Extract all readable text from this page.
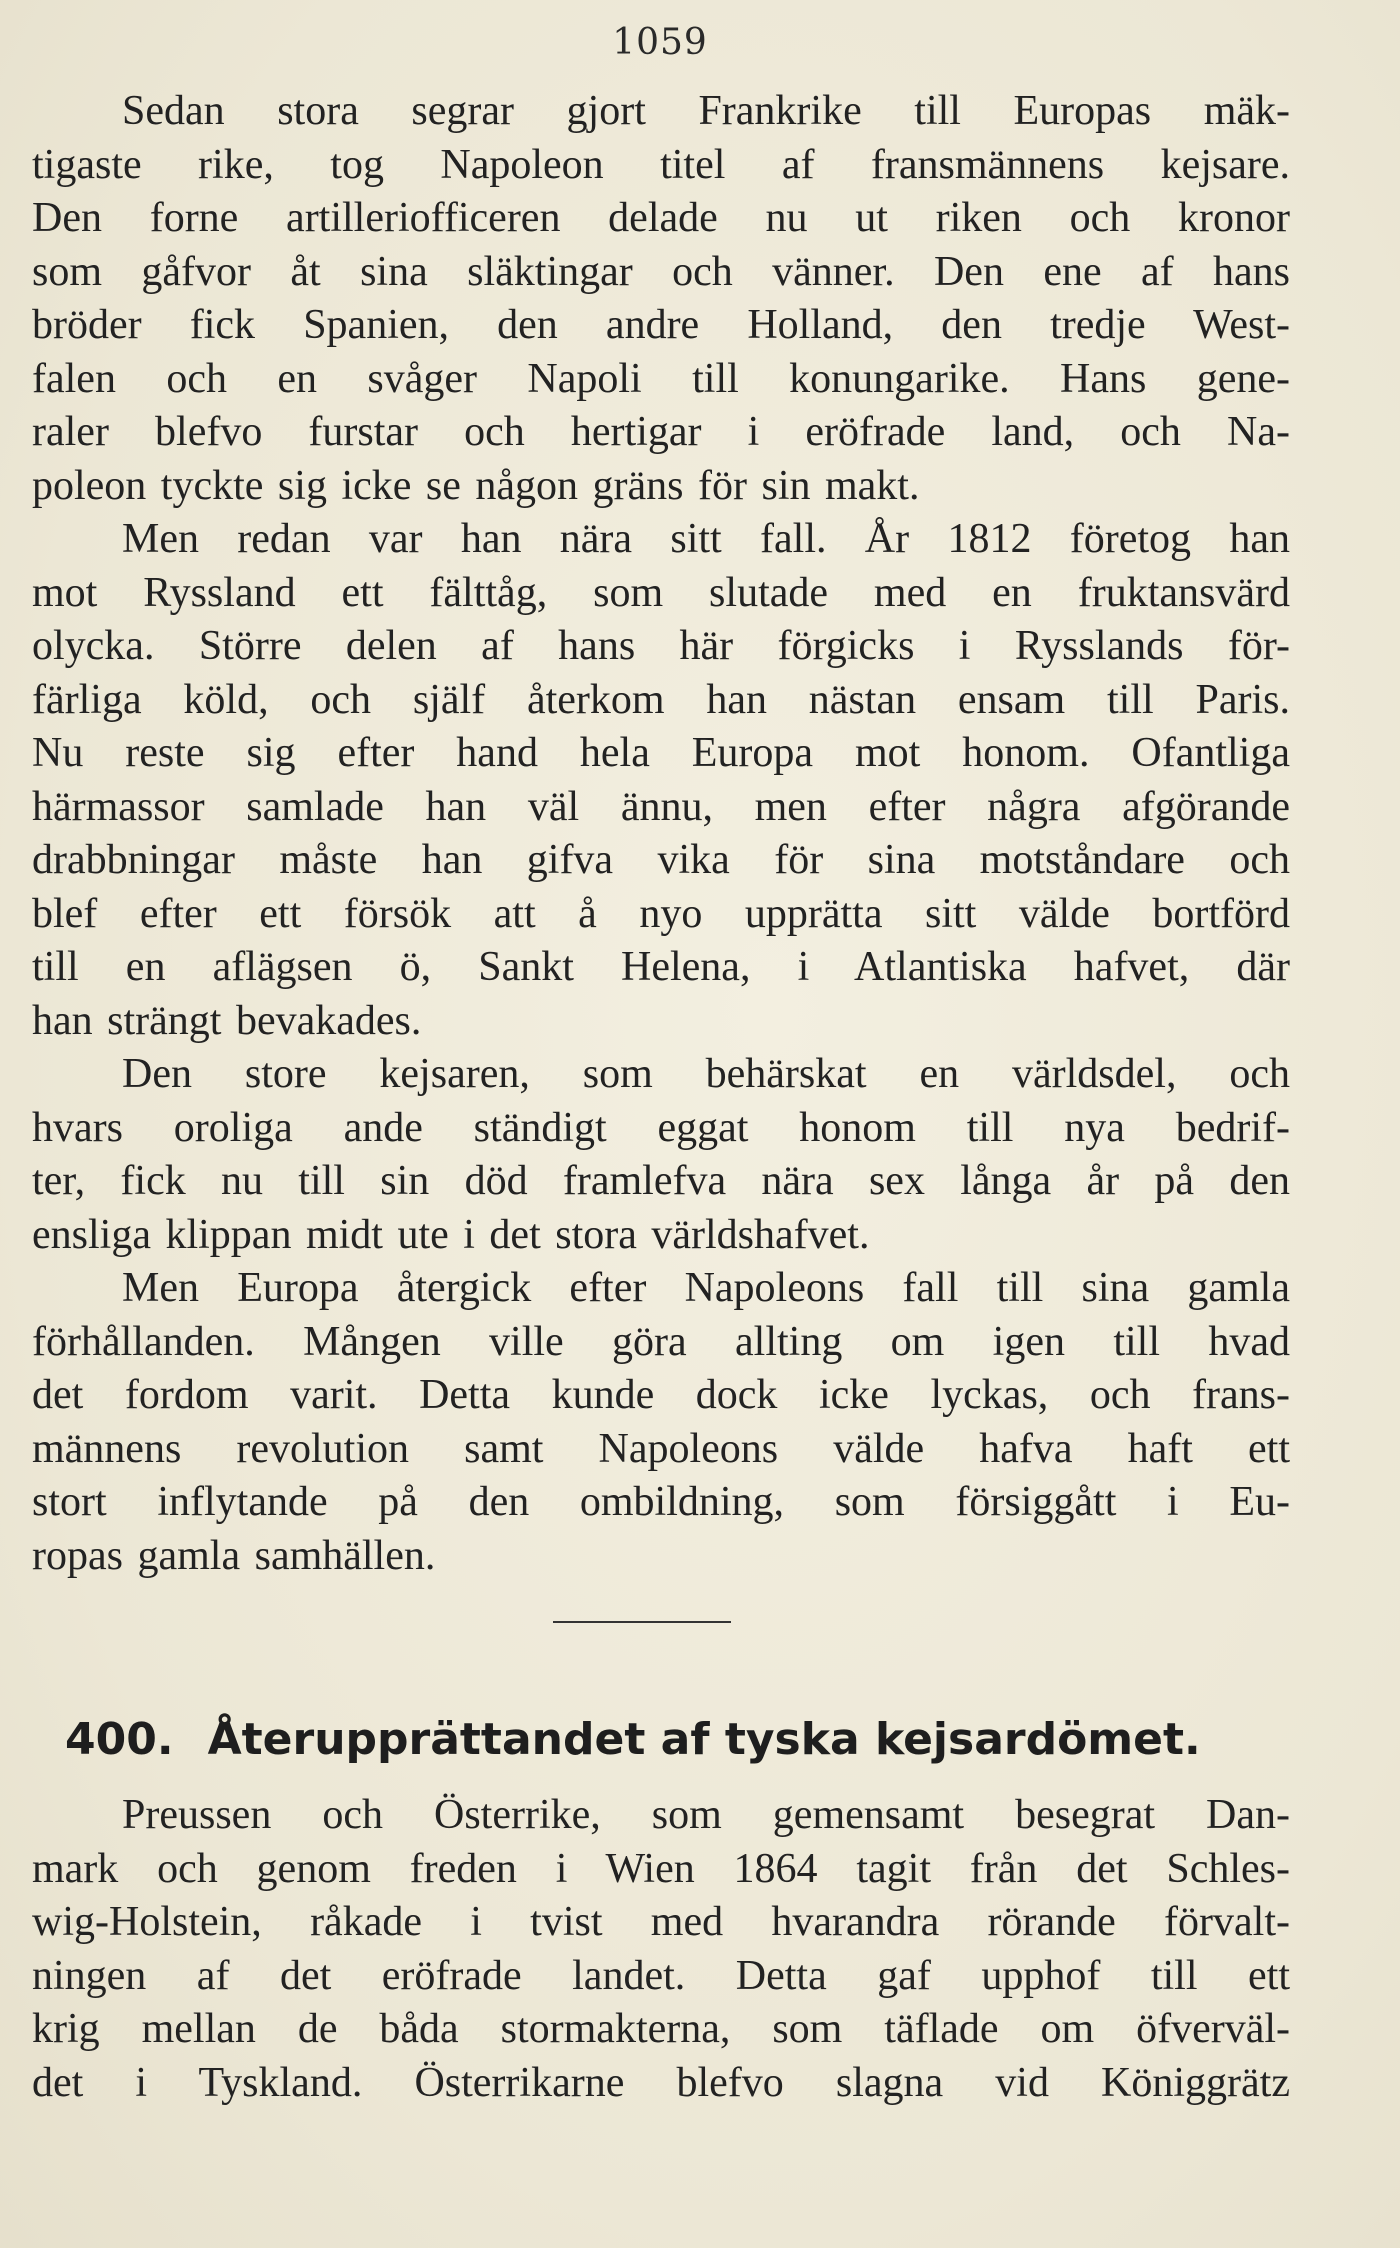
1059
Sedan stora segrar gjort Frankrike till Europas mäk-
tigaste rike, tog Napoleon titel af fransmännens kejsare.
Den forne artilleriofficeren delade nu ut riken och kronor
som gåfvor åt sina släktingar och vänner. Den ene af hans
bröder fick Spanien, den andre Holland, den tredje West-
falen och en svåger Napoli till konungarike. Hans gene-
raler blefvo furstar och hertigar i eröfrade land, och Na-
poleon tyckte sig icke se någon gräns för sin makt.
Men redan var han nära sitt fall. År 1812 företog han
mot Ryssland ett fälttåg, som slutade med en fruktansvärd
olycka. Större delen af hans här förgicks i Rysslands för-
färliga köld, och själf återkom han nästan ensam till Paris.
Nu reste sig efter hand hela Europa mot honom. Ofantliga
härmassor samlade han väl ännu, men efter några afgörande
drabbningar måste han gifva vika för sina motståndare och
blef efter ett försök att å nyo upprätta sitt välde bortförd
till en aflägsen ö, Sankt Helena, i Atlantiska hafvet, där
han strängt bevakades.
Den store kejsaren, som behärskat en världsdel, och
hvars oroliga ande ständigt eggat honom till nya bedrif-
ter, fick nu till sin död framlefva nära sex långa år på den
ensliga klippan midt ute i det stora världshafvet.
Men Europa återgick efter Napoleons fall till sina gamla
förhållanden. Mången ville göra allting om igen till hvad
det fordom varit. Detta kunde dock icke lyckas, och frans-
männens revolution samt Napoleons välde hafva haft ett
stort inflytande på den ombildning, som försiggått i Eu-
ropas gamla samhällen.
400. Återupprättandet af tyska kejsardömet.
Preussen och Österrike, som gemensamt besegrat Dan-
mark och genom freden i Wien 1864 tagit från det Schles-
wig-Holstein, råkade i tvist med hvarandra rörande förvalt-
ningen af det eröfrade landet. Detta gaf upphof till ett
krig mellan de båda stormakterna, som täflade om öfverväl-
det i Tyskland. Österrikarne blefvo slagna vid Königgrätz
